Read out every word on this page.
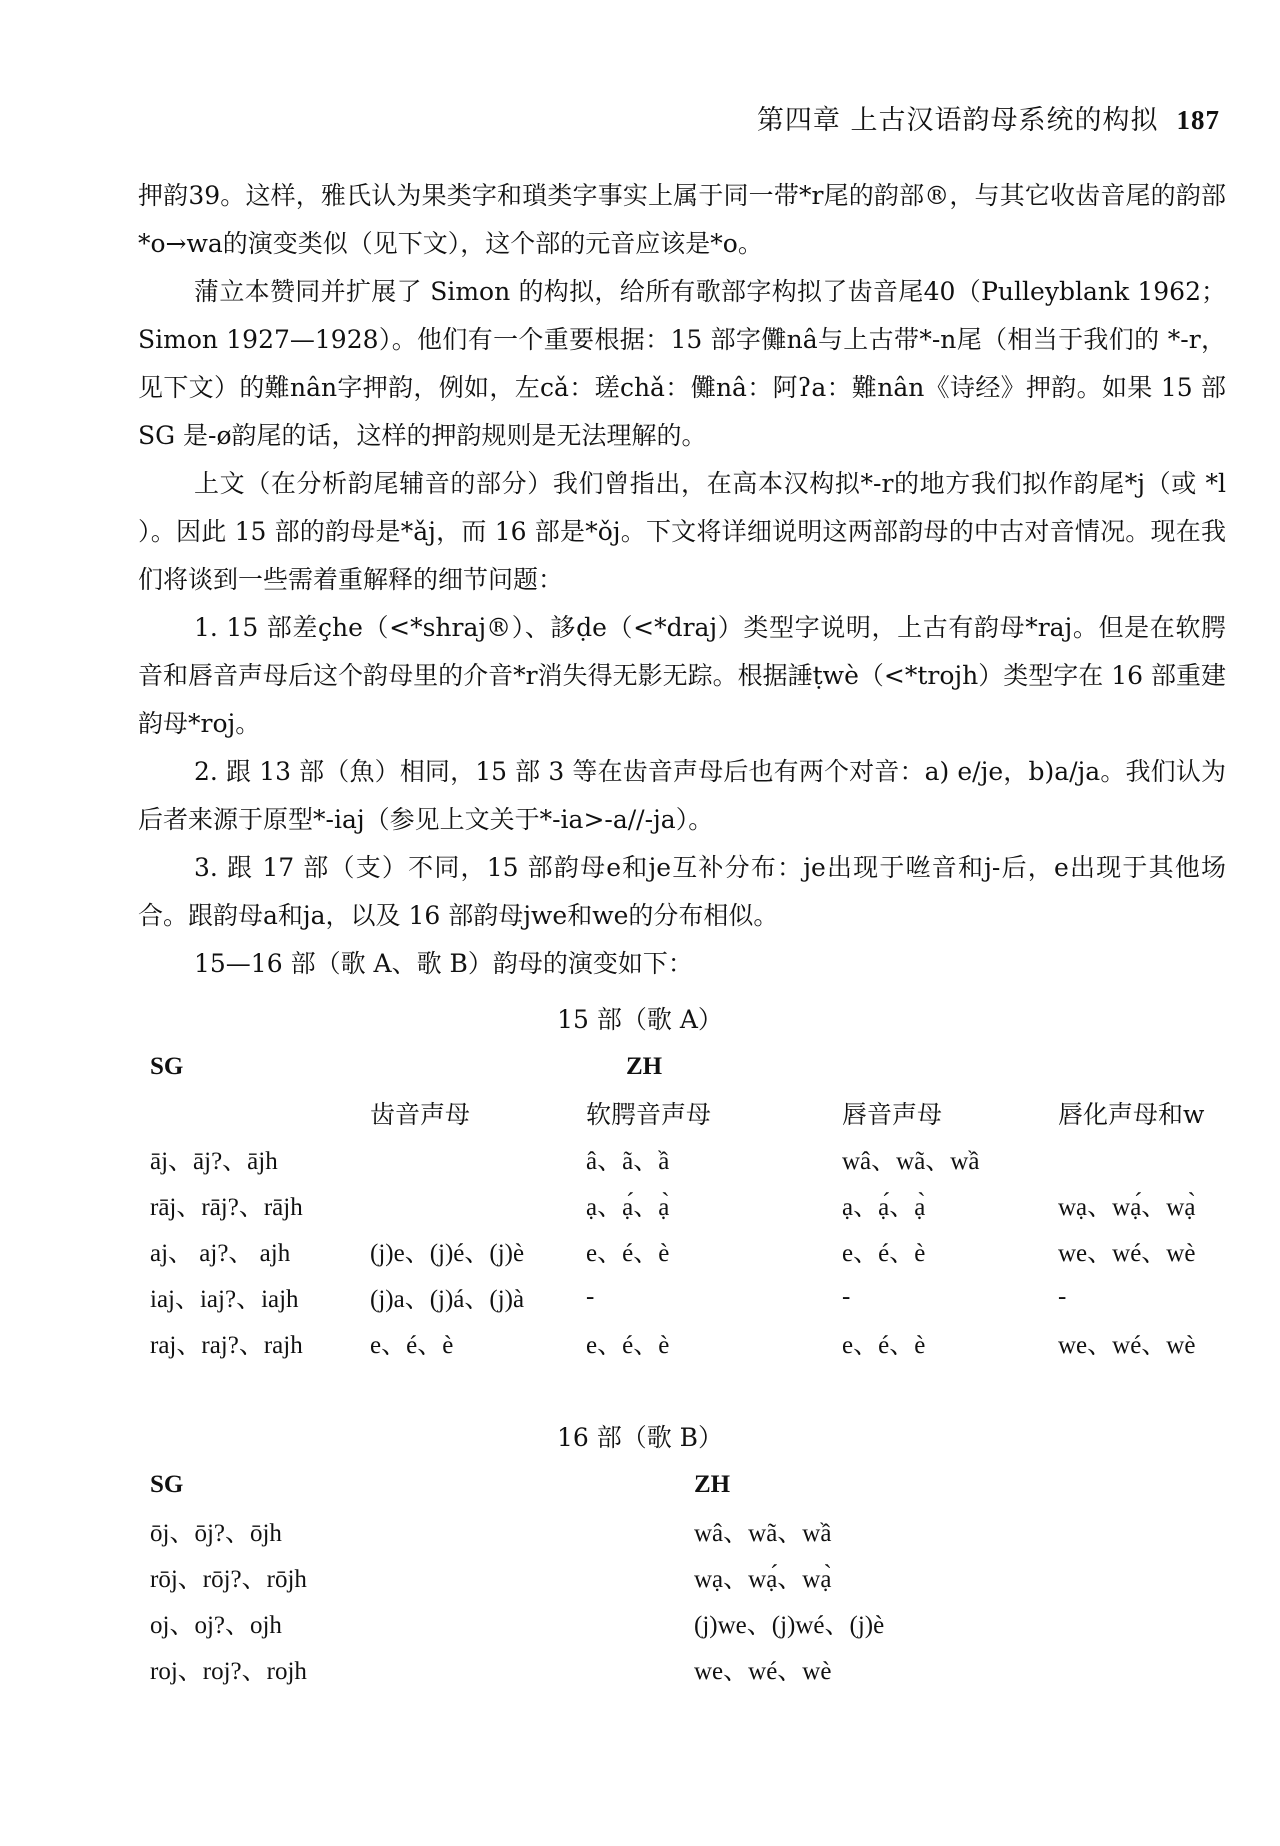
第四章 上古汉语韵母系统的构拟 187

押韵39。这样，雅氏认为果类字和瑣类字事实上属于同一带*r尾的韵部®，与其它收齿音尾的韵部*o→wa的演变类似（见下文），这个部的元音应该是*o。

蒲立本赞同并扩展了 Simon 的构拟，给所有歌部字构拟了齿音尾40（Pulleyblank 1962；Simon 1927—1928）。他们有一个重要根据：15 部字儺nâ与上古带*-n尾（相当于我们的 *-r，见下文）的難nân字押韵，例如，左cǎ：瑳chǎ：儺nâ：阿ʔa：難nân《诗经》押韵。如果 15 部 SG 是-ø韵尾的话，这样的押韵规则是无法理解的。

上文（在分析韵尾辅音的部分）我们曾指出，在高本汉构拟*-r的地方我们拟作韵尾*j（或 *l ）。因此 15 部的韵母是*ǎj，而 16 部是*ǒj。下文将详细说明这两部韵母的中古对音情况。现在我们将谈到一些需着重解释的细节问题：

1. 15 部差çhe（<*shraj®）、誃ḍe（<*draj）类型字说明，上古有韵母*raj。但是在软腭音和唇音声母后这个韵母里的介音*r消失得无影无踪。根据諈ṭwè（<*trojh）类型字在 16 部重建韵母*roj。

2. 跟 13 部（魚）相同，15 部 3 等在齿音声母后也有两个对音：a) e/je，b)a/ja。我们认为后者来源于原型*-iaj（参见上文关于*-ia>-a//-ja）。

3. 跟 17 部（支）不同，15 部韵母e和je互补分布：je出现于咝音和j-后，e出现于其他场合。跟韵母a和ja，以及 16 部韵母jwe和we的分布相似。

15—16 部（歌 A、歌 B）韵母的演变如下：

15 部（歌 A）
SG		ZH		
	齿音声母	软腭音声母	唇音声母	唇化声母和w
āj、āj?、ājh		â、ã、ầ	wâ、wã、wầ	
rāj、rāj?、rājh		ạ、ạ́、ạ̀	ạ、ạ́、ạ̀	wạ、wạ́、wạ̀
aj、 aj?、 ajh	(j)e、(j)é、(j)è	e、é、è	e、é、è	we、wé、wè
iaj、iaj?、iajh	(j)a、(j)á、(j)à	-	-	-
raj、raj?、rajh	e、é、è	e、é、è	e、é、è	we、wé、wè
16 部（歌 B）
SG	ZH
ōj、ōj?、ōjh	wâ、wã、wầ
rōj、rōj?、rōjh	wạ、wạ́、wạ̀
oj、oj?、ojh	(j)we、(j)wé、(j)è
roj、roj?、rojh	we、wé、wè
